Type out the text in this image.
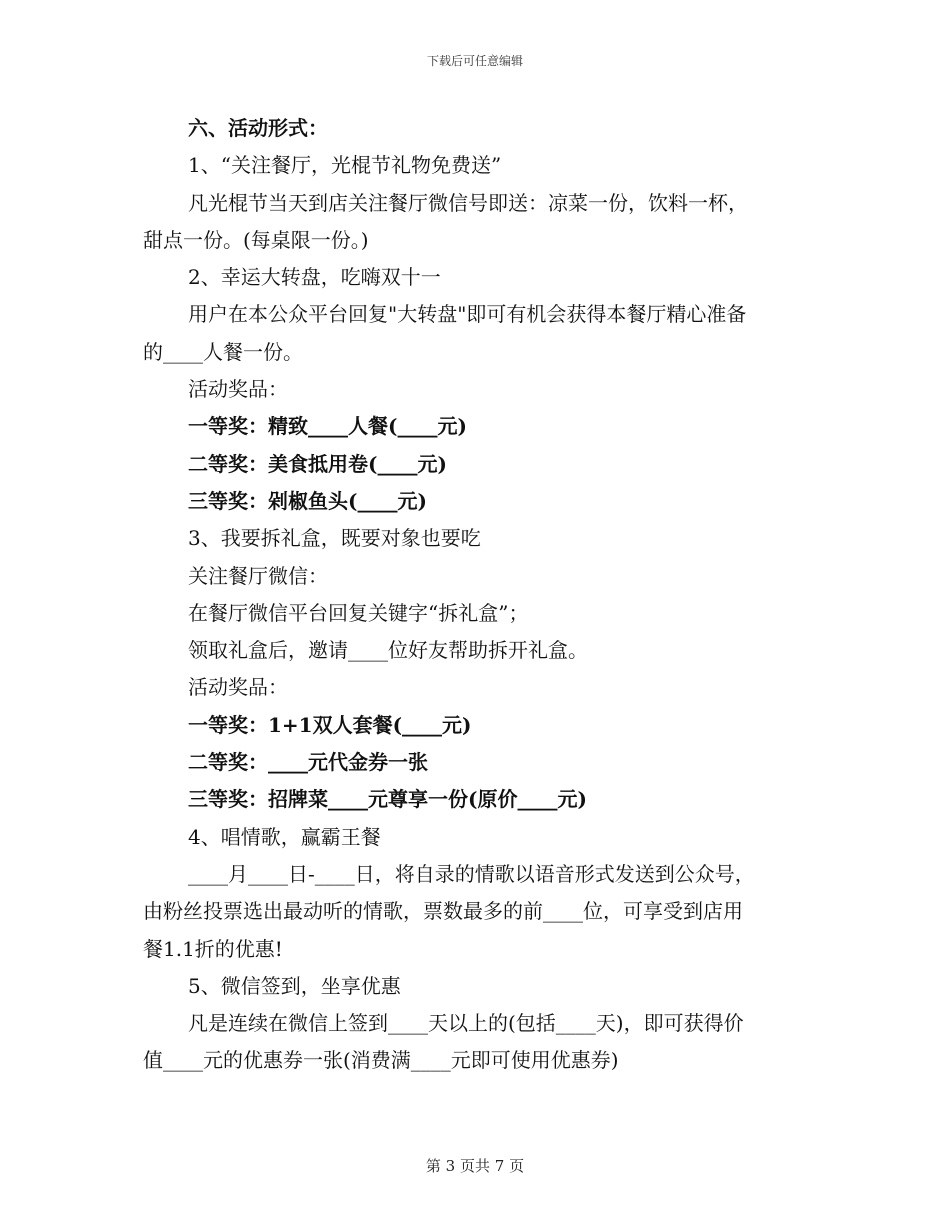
下载后可任意编辑
六、活动形式：
1、“关注餐厅，光棍节礼物免费送”
凡光棍节当天到店关注餐厅微信号即送：凉菜一份，饮料一杯，
甜点一份。(每桌限一份。)
2、幸运大转盘，吃嗨双十一
用户在本公众平台回复"大转盘"即可有机会获得本餐厅精心准备
的____人餐一份。
活动奖品：
一等奖：精致____人餐(____元)
二等奖：美食抵用卷(____元)
三等奖：剁椒鱼头(____元)
3、我要拆礼盒，既要对象也要吃
关注餐厅微信：
在餐厅微信平台回复关键字“拆礼盒”；
领取礼盒后，邀请____位好友帮助拆开礼盒。
活动奖品：
一等奖：1+1双人套餐(____元)
二等奖：____元代金券一张
三等奖：招牌菜____元尊享一份(原价____元)
4、唱情歌，赢霸王餐
____月____日-____日，将自录的情歌以语音形式发送到公众号，
由粉丝投票选出最动听的情歌，票数最多的前____位，可享受到店用
餐1.1折的优惠!
5、微信签到，坐享优惠
凡是连续在微信上签到____天以上的(包括____天)，即可获得价
值____元的优惠券一张(消费满____元即可使用优惠券)
第 3 页共 7 页
